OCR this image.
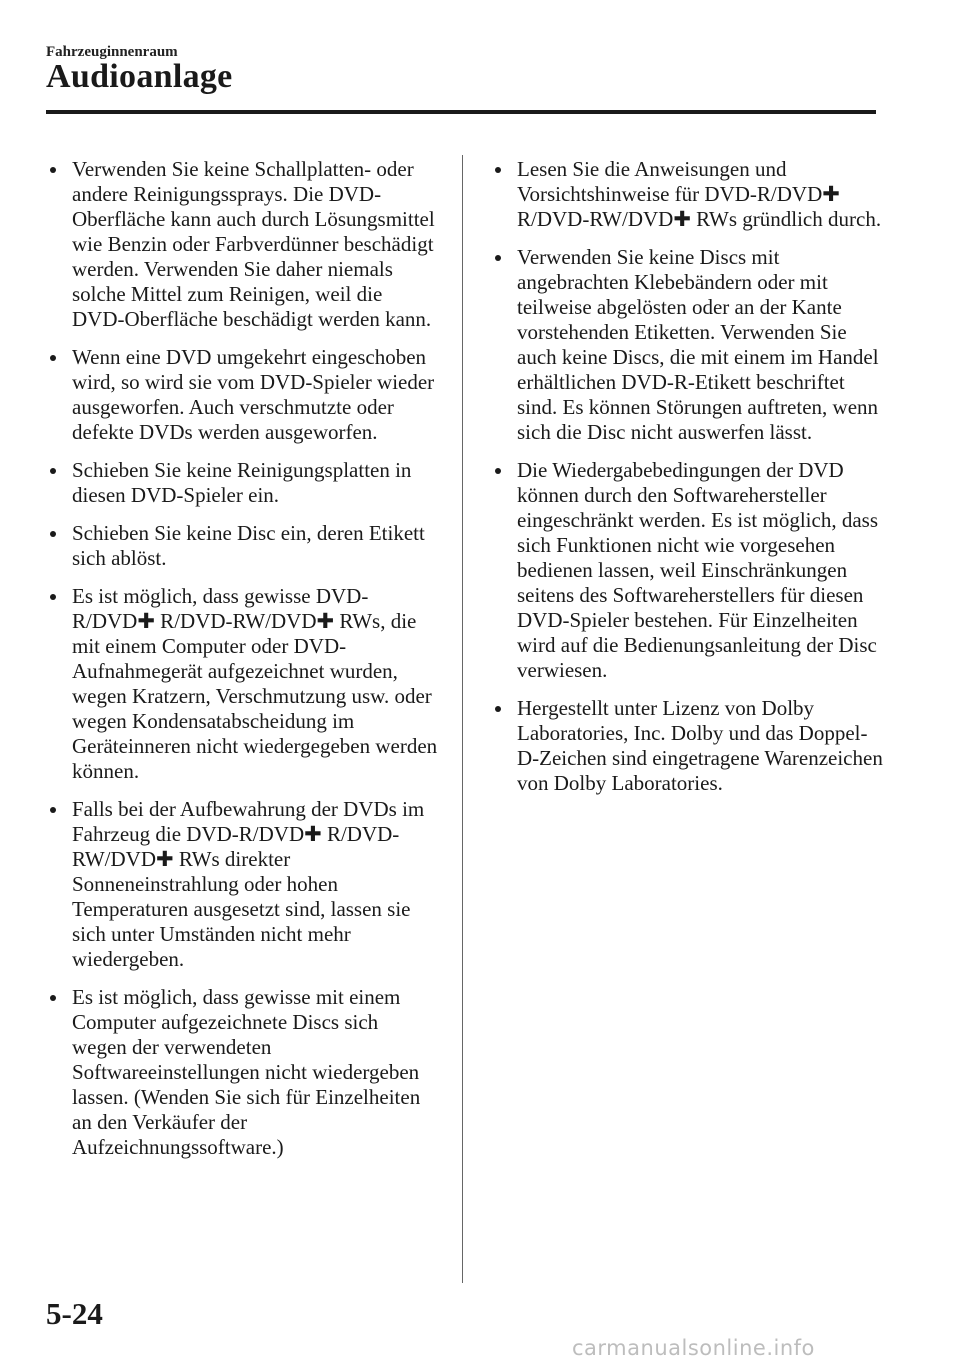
Fahrzeuginnenraum
Audioanlage
Verwenden Sie keine Schallplatten- oder andere Reinigungssprays. Die DVD-Oberfläche kann auch durch Lösungsmittel wie Benzin oder Farbverdünner beschädigt werden. Verwenden Sie daher niemals solche Mittel zum Reinigen, weil die DVD-Oberfläche beschädigt werden kann.
Wenn eine DVD umgekehrt eingeschoben wird, so wird sie vom DVD-Spieler wieder ausgeworfen. Auch verschmutzte oder defekte DVDs werden ausgeworfen.
Schieben Sie keine Reinigungsplatten in diesen DVD-Spieler ein.
Schieben Sie keine Disc ein, deren Etikett sich ablöst.
Es ist möglich, dass gewisse DVD-R/DVD✚ R/DVD-RW/DVD✚ RWs, die mit einem Computer oder DVD-Aufnahmegerät aufgezeichnet wurden, wegen Kratzern, Verschmutzung usw. oder wegen Kondensatabscheidung im Geräteinneren nicht wiedergegeben werden können.
Falls bei der Aufbewahrung der DVDs im Fahrzeug die DVD-R/DVD✚ R/DVD-RW/DVD✚ RWs direkter Sonneneinstrahlung oder hohen Temperaturen ausgesetzt sind, lassen sie sich unter Umständen nicht mehr wiedergeben.
Es ist möglich, dass gewisse mit einem Computer aufgezeichnete Discs sich wegen der verwendeten Softwareeinstellungen nicht wiedergeben lassen. (Wenden Sie sich für Einzelheiten an den Verkäufer der Aufzeichnungssoftware.)
Lesen Sie die Anweisungen und Vorsichtshinweise für DVD-R/DVD✚ R/DVD-RW/DVD✚ RWs gründlich durch.
Verwenden Sie keine Discs mit angebrachten Klebebändern oder mit teilweise abgelösten oder an der Kante vorstehenden Etiketten. Verwenden Sie auch keine Discs, die mit einem im Handel erhältlichen DVD-R-Etikett beschriftet sind. Es können Störungen auftreten, wenn sich die Disc nicht auswerfen lässt.
Die Wiedergabebedingungen der DVD können durch den Softwarehersteller eingeschränkt werden. Es ist möglich, dass sich Funktionen nicht wie vorgesehen bedienen lassen, weil Einschränkungen seitens des Softwareherstellers für diesen DVD-Spieler bestehen. Für Einzelheiten wird auf die Bedienungsanleitung der Disc verwiesen.
Hergestellt unter Lizenz von Dolby Laboratories, Inc. Dolby und das Doppel-D-Zeichen sind eingetragene Warenzeichen von Dolby Laboratories.
5-24
carmanualsonline.info
